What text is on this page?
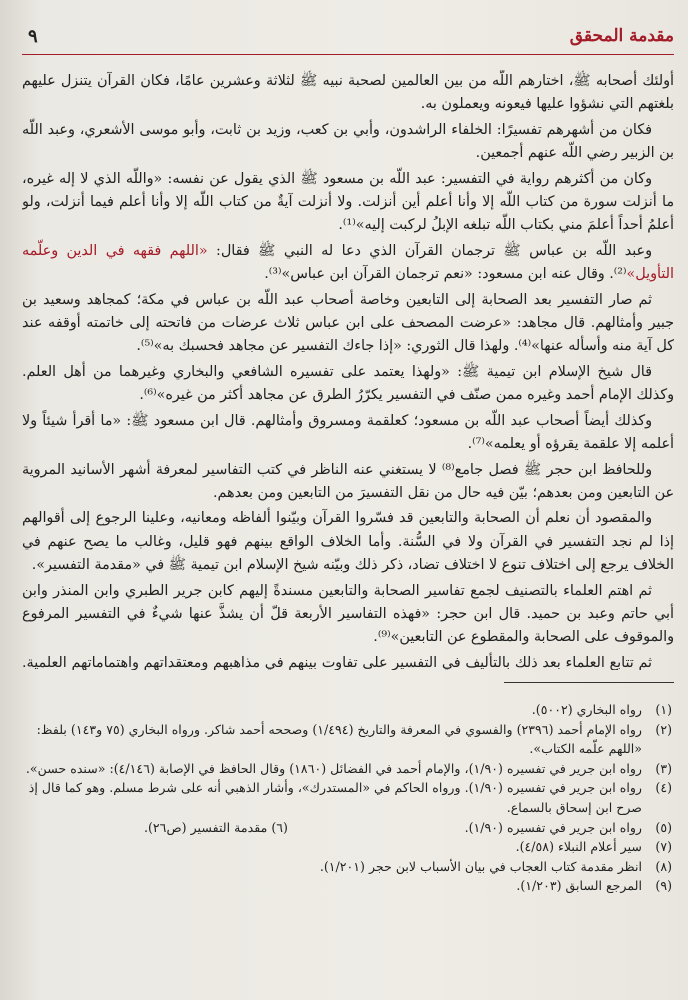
مقدمة المحقق
٩

أولئك أصحابه ﷺ، اختارهم اللّه من بين العالمين لصحبة نبيه ﷺ لثلاثة وعشرين عامًا، فكان القرآن يتنزل عليهم بلغتهم التي نشؤوا عليها فيعونه ويعملون به.

فكان من أشهرهم تفسيرًا: الخلفاء الراشدون، وأبي بن كعب، وزيد بن ثابت، وأبو موسى الأشعري، وعبد اللّه بن الزبير رضي اللّه عنهم أجمعين.

وكان من أكثرهم رواية في التفسير: عبد اللّه بن مسعود ﷺ الذي يقول عن نفسه: «واللّه الذي لا إله غيره، ما أنزلت سورة من كتاب اللّه إلا وأنا أعلم أين أنزلت. ولا أنزلت آيةٌ من كتاب اللّه إلا وأنا أعلم فيما أنزلت، ولو أعلمُ أحداً أعلمَ مني بكتاب اللّه تبلغه الإبلُ لركبت إليه»⁽¹⁾.

وعبد اللّه بن عباس ﷺ ترجمان القرآن الذي دعا له النبي ﷺ فقال: «اللهم فقهه في الدين وعلّمه التأويل»⁽²⁾. وقال عنه ابن مسعود: «نعم ترجمان القرآن ابن عباس»⁽³⁾.

ثم صار التفسير بعد الصحابة إلى التابعين وخاصة أصحاب عبد اللّه بن عباس في مكة؛ كمجاهد وسعيد بن جبير وأمثالهم. قال مجاهد: «عرضت المصحف على ابن عباس ثلاث عرضات من فاتحته إلى خاتمته أوقفه عند كل آية منه وأسأله عنها»⁽⁴⁾. ولهذا قال الثوري: «إذا جاءك التفسير عن مجاهد فحسبك به»⁽⁵⁾.

قال شيخ الإسلام ابن تيمية ﷺ: «ولهذا يعتمد على تفسيره الشافعي والبخاري وغيرهما من أهل العلم. وكذلك الإمام أحمد وغيره ممن صنّف في التفسير يكرّرُ الطرق عن مجاهد أكثر من غيره»⁽⁶⁾.

وكذلك أيضاً أصحاب عبد اللّه بن مسعود؛ كعلقمة ومسروق وأمثالهم. قال ابن مسعود ﷺ: «ما أقرأ شيئاً ولا أعلمه إلا علقمة يقرؤه أو يعلمه»⁽⁷⁾.

وللحافظ ابن حجر ﷺ فصل جامع⁽⁸⁾ لا يستغني عنه الناظر في كتب التفاسير لمعرفة أشهر الأسانيد المروية عن التابعين ومن بعدهم؛ بيّن فيه حال من نقل التفسيرَ من التابعين ومن بعدهم.

والمقصود أن نعلم أن الصحابة والتابعين قد فسّروا القرآن وبيّنوا ألفاظه ومعانيه، وعلينا الرجوع إلى أقوالهم إذا لم نجد التفسير في القرآن ولا في السُّنة. وأما الخلاف الواقع بينهم فهو قليل، وغالب ما يصح عنهم في الخلاف يرجع إلى اختلاف تنوع لا اختلاف تضاد، ذكر ذلك وبيّنه شيخ الإسلام ابن تيمية ﷺ في «مقدمة التفسير».

ثم اهتم العلماء بالتصنيف لجمع تفاسير الصحابة والتابعين مسندةً إليهم كابن جرير الطبري وابن المنذر وابن أبي حاتم وعبد بن حميد. قال ابن حجر: «فهذه التفاسير الأربعة قلّ أن يشذَّ عنها شيءٌ في التفسير المرفوع والموقوف على الصحابة والمقطوع عن التابعين»⁽⁹⁾.

ثم تتابع العلماء بعد ذلك بالتأليف في التفسير على تفاوت بينهم في مذاهبهم ومعتقداتهم واهتماماتهم العلمية.

(١)
رواه البخاري (٥٠٠٢).
(٢)
رواه الإمام أحمد (٢٣٩٦) والفسوي في المعرفة والتاريخ (١/٤٩٤) وصححه أحمد شاكر. ورواه البخاري (٧٥ و١٤٣) بلفظ: «اللهم علّمه الكتاب».
(٣)
رواه ابن جرير في تفسيره (١/٩٠)، والإمام أحمد في الفضائل (١٨٦٠) وقال الحافظ في الإصابة (٤/١٤٦): «سنده حسن».
(٤)
رواه ابن جرير في تفسيره (١/٩٠). ورواه الحاكم في «المستدرك»، وأشار الذهبي أنه على شرط مسلم. وهو كما قال إذ صرح ابن إسحاق بالسماع.
(٥)
رواه ابن جرير في تفسيره (١/٩٠).
(٦) مقدمة التفسير (ص٢٦).
(٧)
سير أعلام النبلاء (٤/٥٨).
(٨)
انظر مقدمة كتاب العجاب في بيان الأسباب لابن حجر (١/٢٠١).
(٩)
المرجع السابق (١/٢٠٣).
